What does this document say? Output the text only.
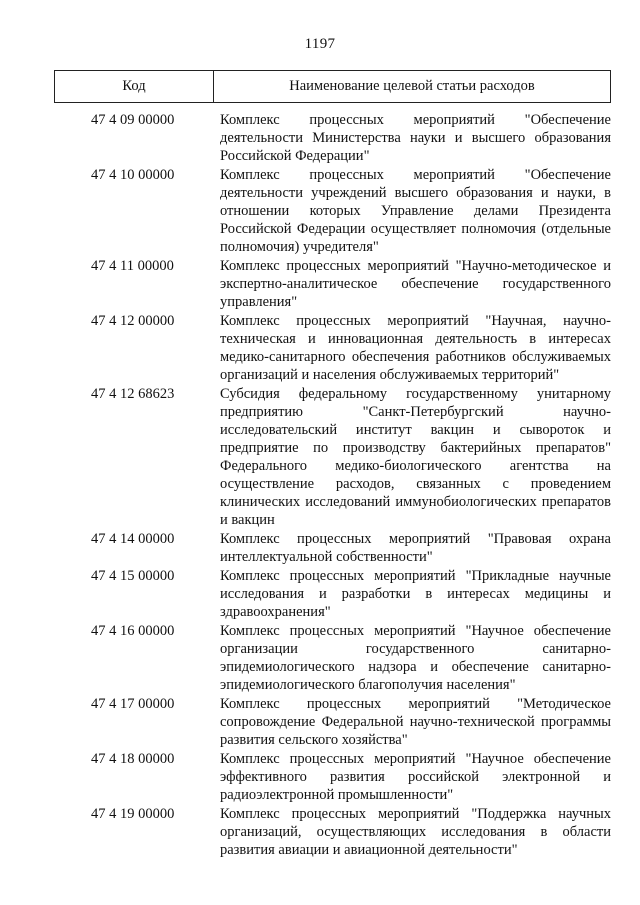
1197
Код	Наименование целевой статьи расходов
47 4 09 00000	Комплекс процессных мероприятий "Обеспечение деятельности Министерства науки и высшего образования Российской Федерации"
47 4 10 00000	Комплекс процессных мероприятий "Обеспечение деятельности учреждений высшего образования и науки, в отношении которых Управление делами Президента Российской Федерации осуществляет полномочия (отдельные полномочия) учредителя"
47 4 11 00000	Комплекс процессных мероприятий "Научно-методическое и экспертно-аналитическое обеспечение государственного управления"
47 4 12 00000	Комплекс процессных мероприятий "Научная, научно-техническая и инновационная деятельность в интересах медико-санитарного обеспечения работников обслуживаемых организаций и населения обслуживаемых территорий"
47 4 12 68623	Субсидия федеральному государственному унитарному предприятию "Санкт-Петербургский научно-исследовательский институт вакцин и сывороток и предприятие по производству бактерийных препаратов" Федерального медико-биологического агентства на осуществление расходов, связанных с проведением клинических исследований иммунобиологических препаратов и вакцин
47 4 14 00000	Комплекс процессных мероприятий "Правовая охрана интеллектуальной собственности"
47 4 15 00000	Комплекс процессных мероприятий "Прикладные научные исследования и разработки в интересах медицины и здравоохранения"
47 4 16 00000	Комплекс процессных мероприятий "Научное обеспечение организации государственного санитарно-эпидемиологического надзора и обеспечение санитарно-эпидемиологического благополучия населения"
47 4 17 00000	Комплекс процессных мероприятий "Методическое сопровождение Федеральной научно-технической программы развития сельского хозяйства"
47 4 18 00000	Комплекс процессных мероприятий "Научное обеспечение эффективного развития российской электронной и радиоэлектронной промышленности"
47 4 19 00000	Комплекс процессных мероприятий "Поддержка научных организаций, осуществляющих исследования в области развития авиации и авиационной деятельности"
